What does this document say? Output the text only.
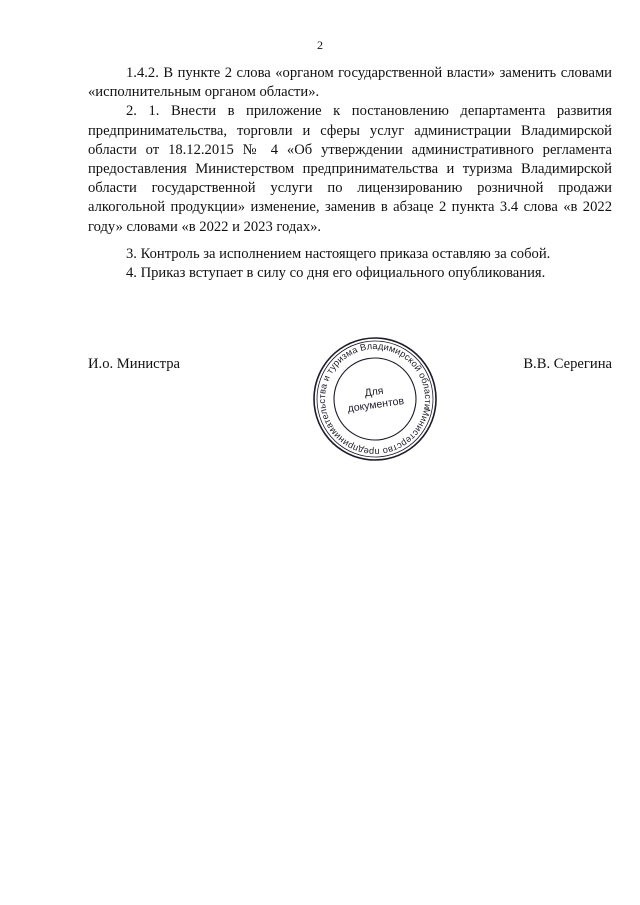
2

1.4.2. В пункте 2 слова «органом государственной власти» заменить словами «исполнительным органом области».

2. 1. Внести в приложение к постановлению департамента развития предпринимательства, торговли и сферы услуг администрации Владимирской области от 18.12.2015 № 4 «Об утверждении административного регламента предоставления Министерством предпринимательства и туризма Владимирской области государственной услуги по лицензированию розничной продажи алкогольной продукции» изменение, заменив в абзаце 2 пункта 3.4 слова «в 2022 году» словами «в 2022 и 2023 годах».

3. Контроль за исполнением настоящего приказа оставляю за собой.

4. Приказ вступает в силу со дня его официального опубликования.

И.о. Министра
Министерство предпринимательства и туризма Владимирской области
Для
документов
В.В. Серегина
